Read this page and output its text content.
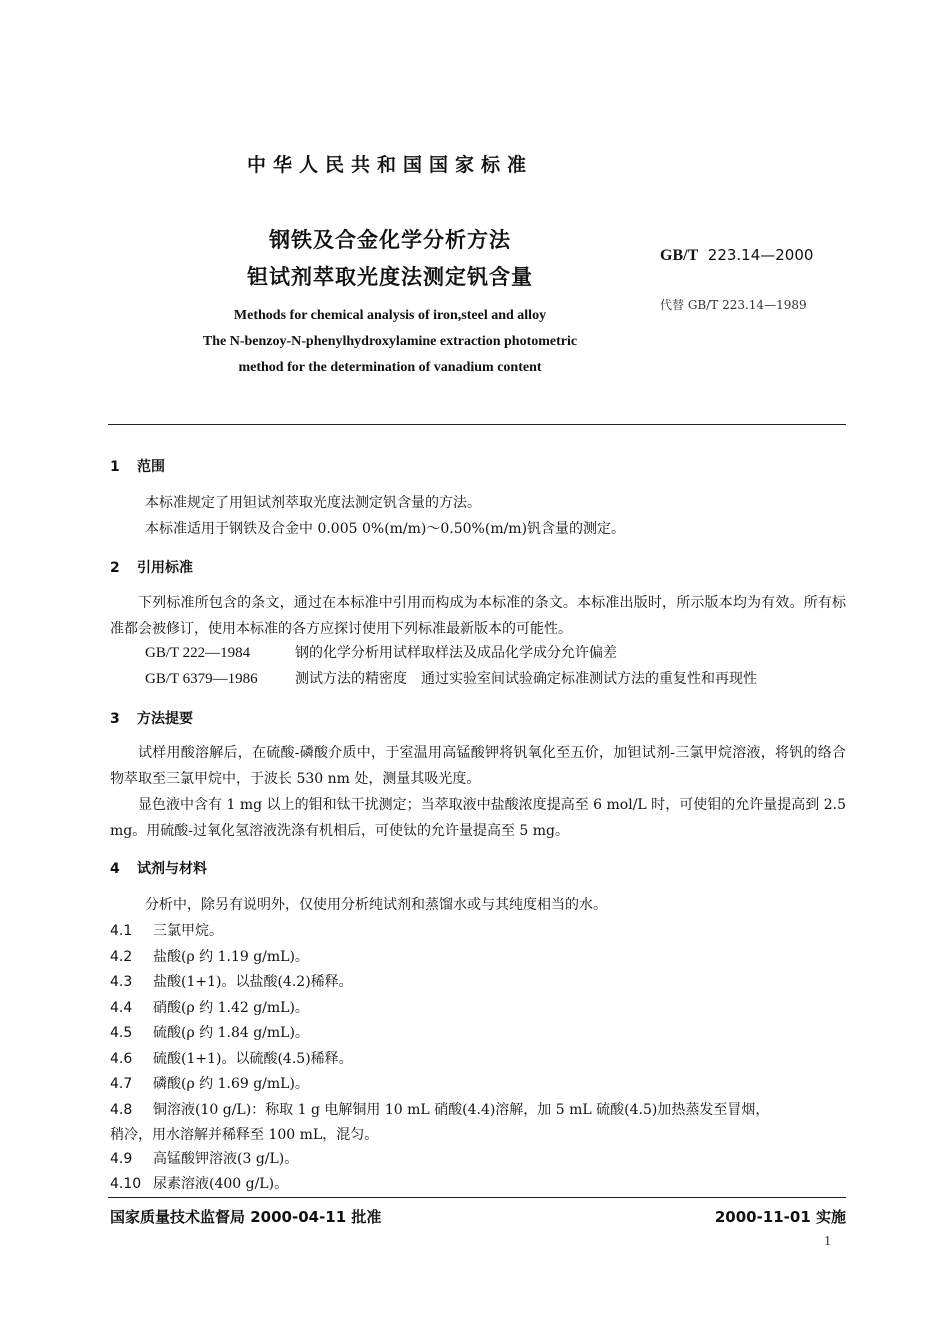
中华人民共和国国家标准
钢铁及合金化学分析方法
钽试剂萃取光度法测定钒含量
GB/T 223.14—2000
代替 GB/T 223.14—1989
Methods for chemical analysis of iron,steel and alloy
The N-benzoy-N-phenylhydroxylamine extraction photometric
method for the determination of vanadium content
1 范围
本标准规定了用钽试剂萃取光度法测定钒含量的方法。
本标准适用于钢铁及合金中 0.005 0%(m/m)～0.50%(m/m)钒含量的测定。
2 引用标准
下列标准所包含的条文，通过在本标准中引用而构成为本标准的条文。本标准出版时，所示版本均为有效。所有标准都会被修订，使用本标准的各方应探讨使用下列标准最新版本的可能性。
GB/T 222—1984	钢的化学分析用试样取样法及成品化学成分允许偏差
GB/T 6379—1986	测试方法的精密度　通过实验室间试验确定标准测试方法的重复性和再现性
3 方法提要
试样用酸溶解后，在硫酸-磷酸介质中，于室温用高锰酸钾将钒氧化至五价，加钽试剂-三氯甲烷溶液，将钒的络合物萃取至三氯甲烷中，于波长 530 nm 处，测量其吸光度。
显色液中含有 1 mg 以上的钼和钛干扰测定；当萃取液中盐酸浓度提高至 6 mol/L 时，可使钼的允许量提高到 2.5 mg。用硫酸-过氧化氢溶液洗涤有机相后，可使钛的允许量提高至 5 mg。
4 试剂与材料
分析中，除另有说明外，仅使用分析纯试剂和蒸馏水或与其纯度相当的水。
4.1 三氯甲烷。
4.2 盐酸(ρ 约 1.19 g/mL)。
4.3 盐酸(1+1)。以盐酸(4.2)稀释。
4.4 硝酸(ρ 约 1.42 g/mL)。
4.5 硫酸(ρ 约 1.84 g/mL)。
4.6 硫酸(1+1)。以硫酸(4.5)稀释。
4.7 磷酸(ρ 约 1.69 g/mL)。
4.8 铜溶液(10 g/L)：称取 1 g 电解铜用 10 mL 硝酸(4.4)溶解，加 5 mL 硫酸(4.5)加热蒸发至冒烟，
稍冷，用水溶解并稀释至 100 mL，混匀。
4.9 高锰酸钾溶液(3 g/L)。
4.10 尿素溶液(400 g/L)。
国家质量技术监督局 2000-04-11 批准	2000-11-01 实施
1
